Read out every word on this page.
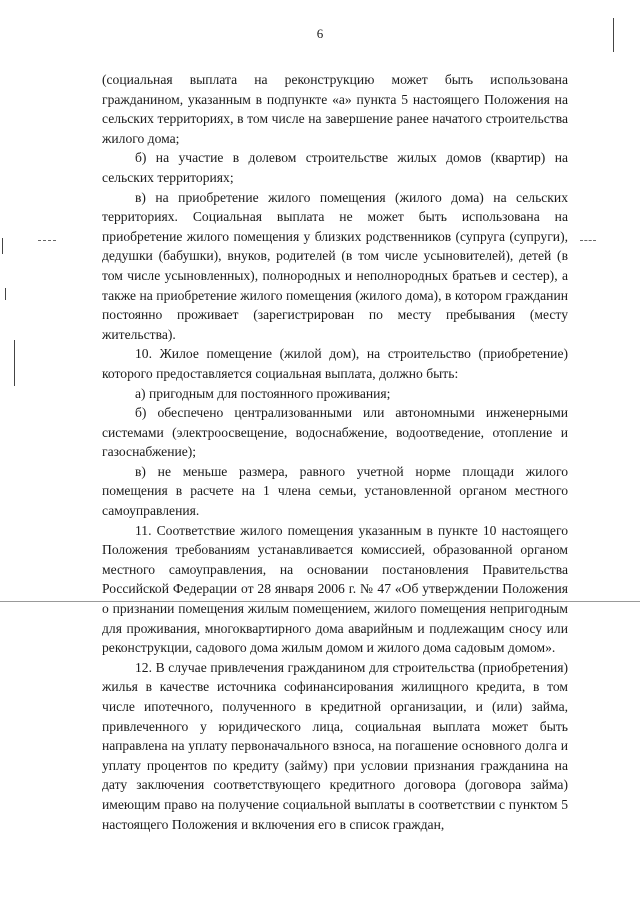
6

(социальная выплата на реконструкцию может быть использована гражданином, указанным в подпункте «а» пункта 5 настоящего Положения на сельских территориях, в том числе на завершение ранее начатого строительства жилого дома;

б) на участие в долевом строительстве жилых домов (квартир) на сельских территориях;

в) на приобретение жилого помещения (жилого дома) на сельских территориях. Социальная выплата не может быть использована на приобретение жилого помещения у близких родственников (супруга (супруги), дедушки (бабушки), внуков, родителей (в том числе усыновителей), детей (в том числе усыновленных), полнородных и неполнородных братьев и сестер), а также на приобретение жилого помещения (жилого дома), в котором гражданин постоянно проживает (зарегистрирован по месту пребывания (месту жительства).

10. Жилое помещение (жилой дом), на строительство (приобретение) которого предоставляется социальная выплата, должно быть:

а) пригодным для постоянного проживания;

б) обеспечено централизованными или автономными инженерными системами (электроосвещение, водоснабжение, водоотведение, отопление и газоснабжение);

в) не меньше размера, равного учетной норме площади жилого помещения в расчете на 1 члена семьи, установленной органом местного самоуправления.

11. Соответствие жилого помещения указанным в пункте 10 настоящего Положения требованиям устанавливается комиссией, образованной органом местного самоуправления, на основании постановления Правительства Российской Федерации от 28 января 2006 г. № 47 «Об утверждении Положения о признании помещения жилым помещением, жилого помещения непригодным для проживания, многоквартирного дома аварийным и подлежащим сносу или реконструкции, садового дома жилым домом и жилого дома садовым домом».

12. В случае привлечения гражданином для строительства (приобретения) жилья в качестве источника софинансирования жилищного кредита, в том числе ипотечного, полученного в кредитной организации, и (или) займа, привлеченного у юридического лица, социальная выплата может быть направлена на уплату первоначального взноса, на погашение основного долга и уплату процентов по кредиту (займу) при условии признания гражданина на дату заключения соответствующего кредитного договора (договора займа) имеющим право на получение социальной выплаты в соответствии с пунктом 5 настоящего Положения и включения его в список граждан,
